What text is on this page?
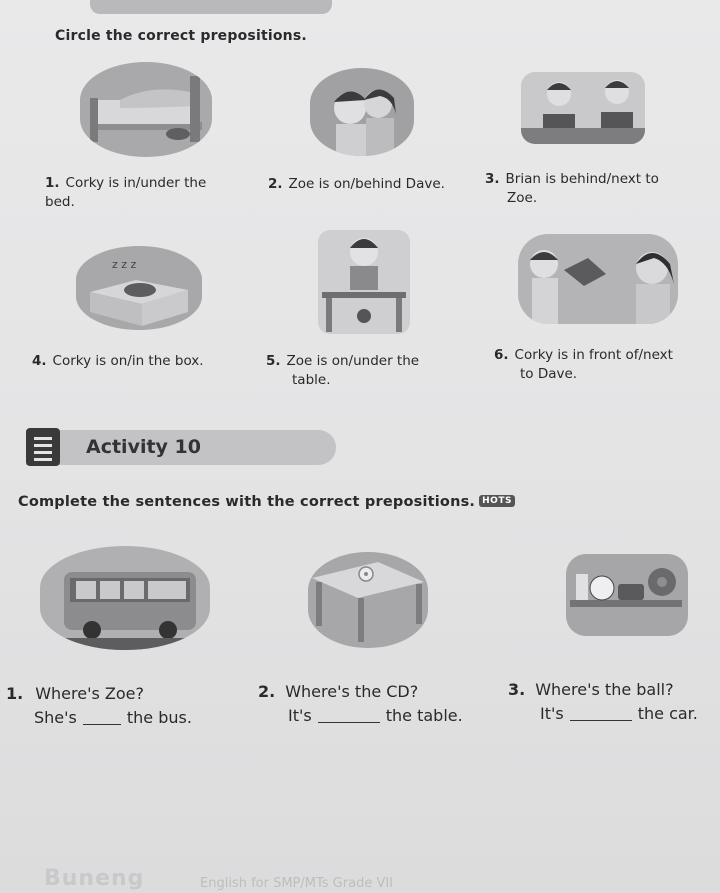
Circle the correct prepositions.
1. Corky is in/under the
bed.
2. Zoe is on/behind Dave.	3. Brian is behind/next to
Zoe.
z z z
4. Corky is on/in the box.	5. Zoe is on/under the
table.
6. Corky is in front of/next
to Dave.
Activity 10
Complete the sentences with the correct prepositions. HOTS
1. Where's Zoe?
She's	the bus.
2. Where's the CD?
It's	the table.
3. Where's the ball?
It's	the car.
Buneng	English for SMP/MTs Grade VII
